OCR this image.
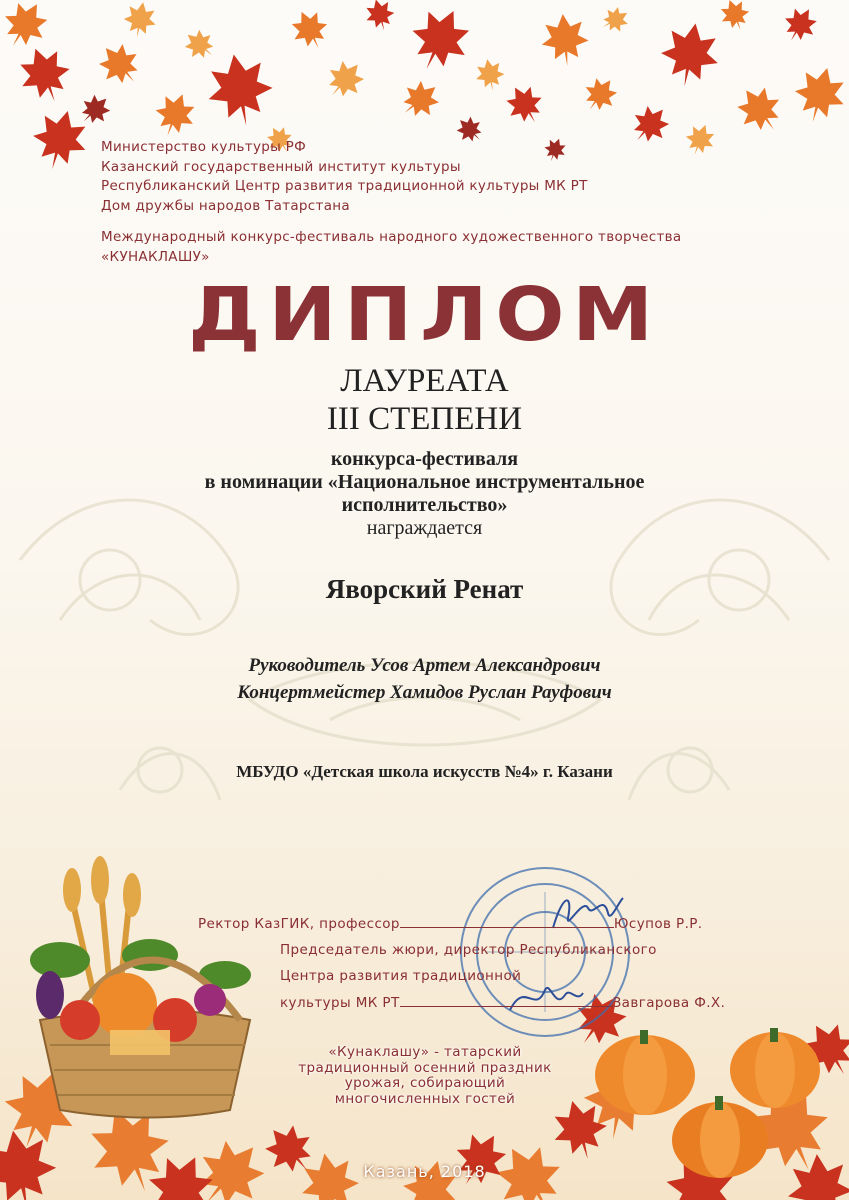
Министерство культуры РФ
Казанский государственный институт культуры
Республиканский Центр развития традиционной культуры МК РТ
Дом дружбы народов Татарстана
Международный конкурс-фестиваль народного художественного творчества
«КУНАКЛАШУ»
ДИПЛОМ
ЛАУРЕАТА
III СТЕПЕНИ
конкурса-фестиваля
в номинации «Национальное инструментальное
исполнительство»
награждается
Яворский Ренат
Руководитель Усов Артем Александрович
Концертмейстер Хамидов Руслан Рауфович
МБУДО «Детская школа искусств №4» г. Казани
Ректор КазГИК, профессор	Юсупов Р.Р.
Председатель жюри, директор Республиканского
Центра развития традиционной
культуры МК РТ	Завгарова Ф.Х.
«Кунаклашу» - татарский
традиционный осенний праздник
урожая, собирающий
многочисленных гостей
Казань, 2018
